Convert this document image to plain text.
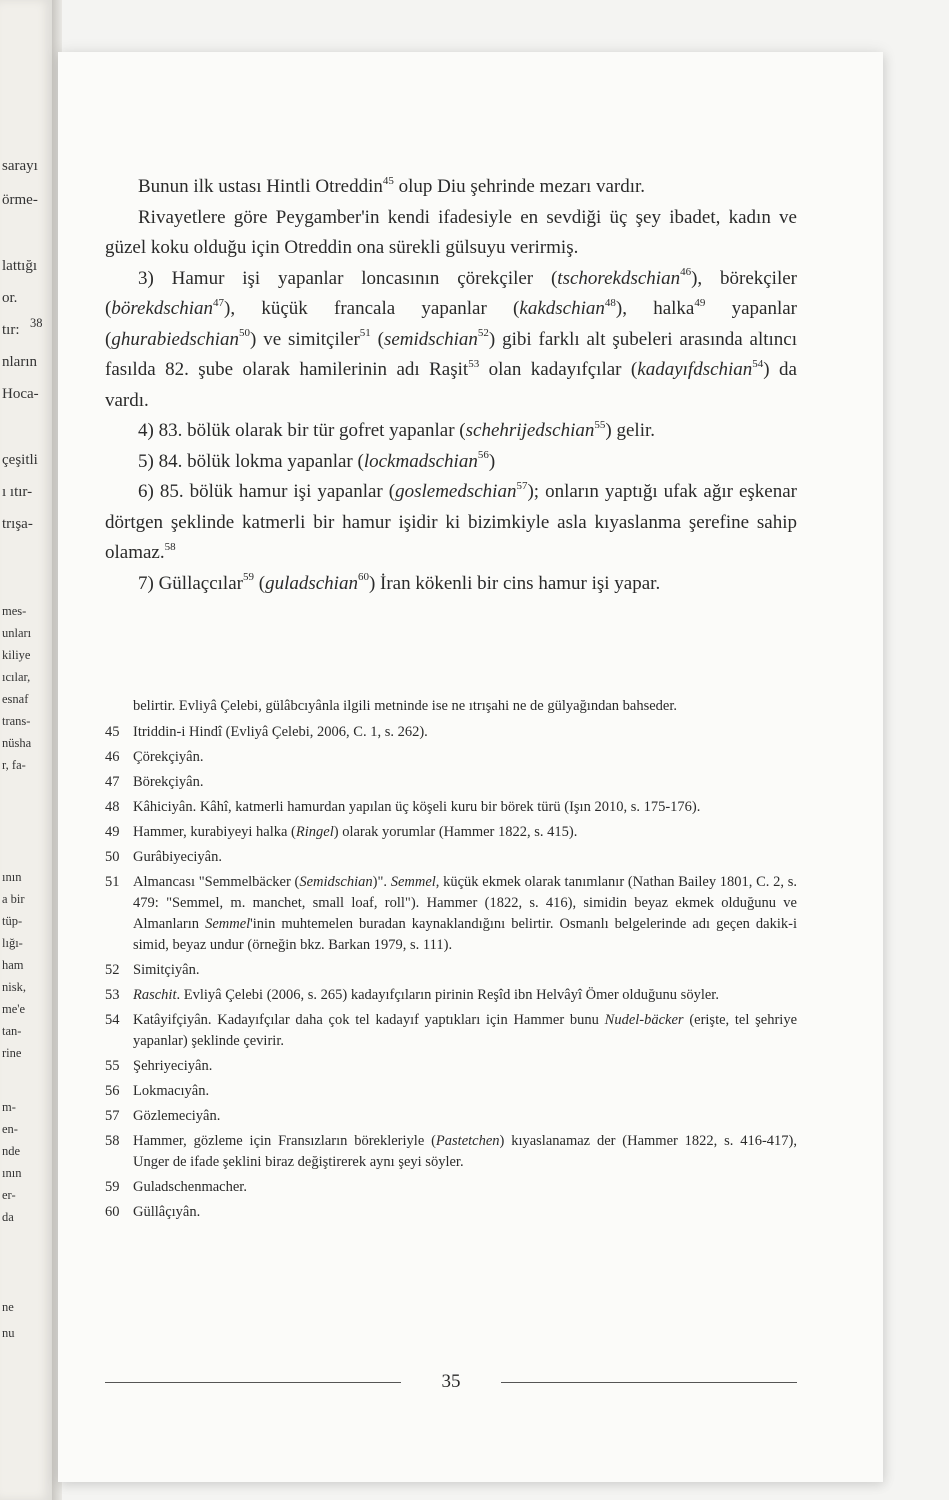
sarayı
örme-
lattığı
or.
tır: 38
nların
Hoca-
çeşitli
ı ıtır-
trışa-
mes-
unları
kiliye
ıcılar,
esnaf
trans-
nüsha
r, fa-
ının
a bir
tüp-
lığı-
ham
nisk,
me'e
tan-
rine
m-
en-
nde
ının
er-
da
ne
nu

Bunun ilk ustası Hintli Otreddin$^{45}$ olup Diu şehrinde mezarı vardır.

Rivayetlere göre Peygamber'in kendi ifadesiyle en sevdiği üç şey ibadet, kadın ve güzel koku olduğu için Otreddin ona sürekli gülsuyu verirmiş.

3) Hamur işi yapanlar loncasının çörekçiler (tschorekdschian$^{46}$), börekçiler (börekdschian$^{47}$), küçük francala yapanlar (kakdschian$^{48}$), halka$^{49}$ yapanlar (ghurabiedschian$^{50}$) ve simitçiler$^{51}$ (semidschian$^{52}$) gibi farklı alt şubeleri arasında altıncı fasılda 82. şube olarak hamilerinin adı Raşit$^{53}$ olan kadayıfçılar (kadayıfdschian$^{54}$) da vardı.

4) 83. bölük olarak bir tür gofret yapanlar (schehrijedschian$^{55}$) gelir.

5) 84. bölük lokma yapanlar (lockmadschian$^{56}$)

6) 85. bölük hamur işi yapanlar (goslemedschian$^{57}$); onların yaptığı ufak ağır eşkenar dörtgen şeklinde katmerli bir hamur işidir ki bizimkiyle asla kıyaslanma şerefine sahip olamaz.$^{58}$

7) Güllaçcılar$^{59}$ (guladschian$^{60}$) İran kökenli bir cins hamur işi yapar.

belirtir. Evliyâ Çelebi, gülâbcıyânla ilgili metninde ise ne ıtrışahi ne de gülyağından bahseder.
45 Itriddin-i Hindî (Evliyâ Çelebi, 2006, C. 1, s. 262).
46 Çörekçiyân.
47 Börekçiyân.
48 Kâhiciyân. Kâhî, katmerli hamurdan yapılan üç köşeli kuru bir börek türü (Işın 2010, s. 175-176).
49 Hammer, kurabiyeyi halka (Ringel) olarak yorumlar (Hammer 1822, s. 415).
50 Gurâbiyeciyân.
51 Almancası "Semmelbäcker (Semidschian)". Semmel, küçük ekmek olarak tanımlanır (Nathan Bailey 1801, C. 2, s. 479: "Semmel, m. manchet, small loaf, roll"). Hammer (1822, s. 416), simidin beyaz ekmek olduğunu ve Almanların Semmel'inin muhtemelen buradan kaynaklandığını belirtir. Osmanlı belgelerinde adı geçen dakik-i simid, beyaz undur (örneğin bkz. Barkan 1979, s. 111).
52 Simitçiyân.
53 Raschit. Evliyâ Çelebi (2006, s. 265) kadayıfçıların pirinin Reşîd ibn Helvâyî Ömer olduğunu söyler.
54 Katâyifçiyân. Kadayıfçılar daha çok tel kadayıf yaptıkları için Hammer bunu Nudel-bäcker (erişte, tel şehriye yapanlar) şeklinde çevirir.
55 Şehriyeciyân.
56 Lokmacıyân.
57 Gözlemeciyân.
58 Hammer, gözleme için Fransızların börekleriyle (Pastetchen) kıyaslanamaz der (Hammer 1822, s. 416-417), Unger de ifade şeklini biraz değiştirerek aynı şeyi söyler.
59 Guladschenmacher.
60 Güllâçıyân.
35
